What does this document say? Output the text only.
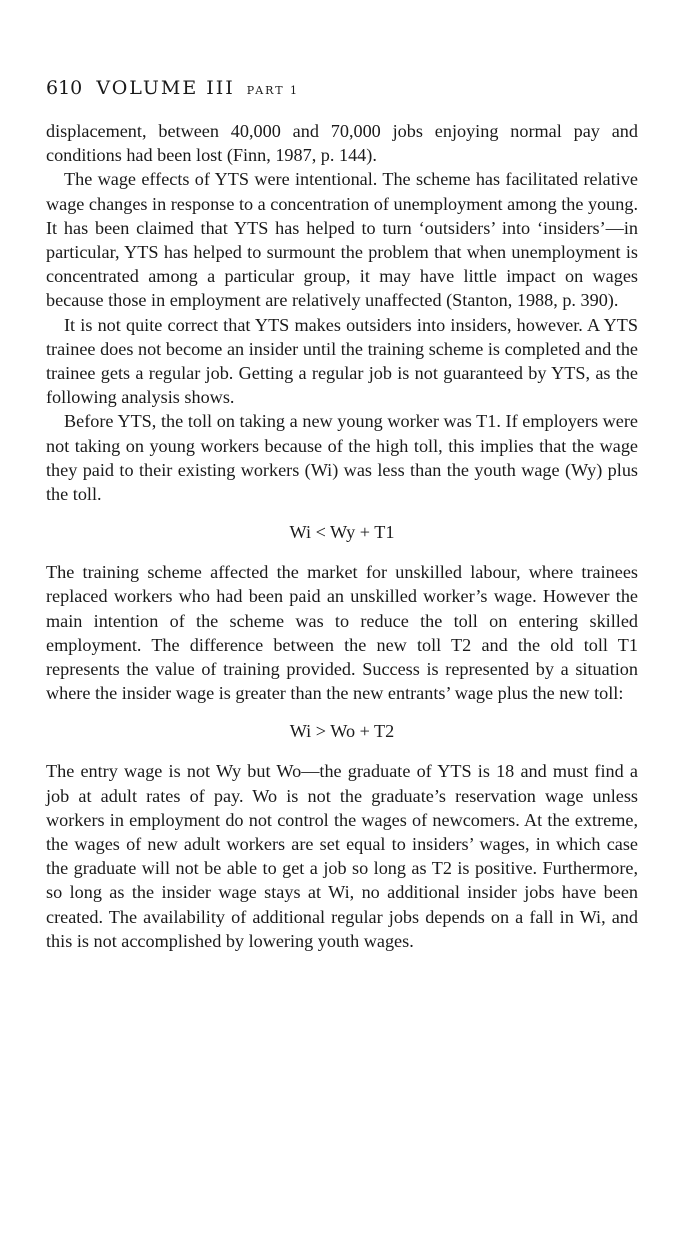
610 VOLUME III PART 1

displacement, between 40,000 and 70,000 jobs enjoying normal pay and conditions had been lost (Finn, 1987, p. 144).

The wage effects of YTS were intentional. The scheme has facilitated relative wage changes in response to a concentration of unemployment among the young. It has been claimed that YTS has helped to turn ‘outsiders’ into ‘insiders’—in particular, YTS has helped to surmount the problem that when unemployment is concentrated among a particular group, it may have little impact on wages because those in employment are relatively unaffected (Stanton, 1988, p. 390).

It is not quite correct that YTS makes outsiders into insiders, however. A YTS trainee does not become an insider until the training scheme is completed and the trainee gets a regular job. Getting a regular job is not guaranteed by YTS, as the following analysis shows.

Before YTS, the toll on taking a new young worker was T1. If employers were not taking on young workers because of the high toll, this implies that the wage they paid to their existing workers (Wi) was less than the youth wage (Wy) plus the toll.

Wi < Wy + T1

The training scheme affected the market for unskilled labour, where trainees replaced workers who had been paid an unskilled worker’s wage. However the main intention of the scheme was to reduce the toll on entering skilled employment. The difference between the new toll T2 and the old toll T1 represents the value of training provided. Success is represented by a situation where the insider wage is greater than the new entrants’ wage plus the new toll:

Wi > Wo + T2

The entry wage is not Wy but Wo—the graduate of YTS is 18 and must find a job at adult rates of pay. Wo is not the graduate’s reservation wage unless workers in employment do not control the wages of newcomers. At the extreme, the wages of new adult workers are set equal to insiders’ wages, in which case the graduate will not be able to get a job so long as T2 is positive. Furthermore, so long as the insider wage stays at Wi, no additional insider jobs have been created. The availability of additional regular jobs depends on a fall in Wi, and this is not accomplished by lowering youth wages.
